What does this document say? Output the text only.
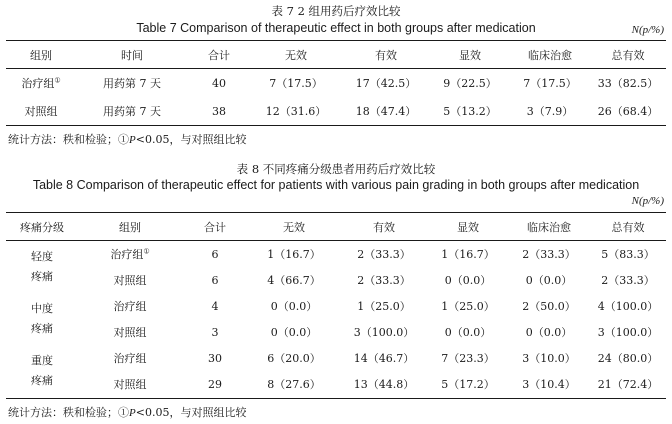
表 7 2 组用药后疗效比较
Table 7 Comparison of therapeutic effect in both groups after medication	N(p/%)
组别	时间	合计	无效	有效	显效	临床治愈	总有效
治疗组①	用药第 7 天	40	7（17.5）	17（42.5）	9（22.5）	7（17.5）	33（82.5）
对照组	用药第 7 天	38	12（31.6）	18（47.4）	5（13.2）	3（7.9）	26（68.4）
统计方法：秩和检验；①P<0.05，与对照组比较
表 8 不同疼痛分级患者用药后疗效比较
Table 8 Comparison of therapeutic effect for patients with various pain grading in both groups after medication
N(p/%)
疼痛分级	组别	合计	无效	有效	显效	临床治愈	总有效
轻度
疼痛	治疗组①	6	1（16.7）	2（33.3）	1（16.7）	2（33.3）	5（83.3）
	对照组	6	4（66.7）	2（33.3）	0（0.0）	0（0.0）	2（33.3）

中度
疼痛	治疗组	4	0（0.0）	1（25.0）	1（25.0）	2（50.0）	4（100.0）
	对照组	3	0（0.0）	3（100.0）	0（0.0）	0（0.0）	3（100.0）

重度
疼痛	治疗组	30	6（20.0）	14（46.7）	7（23.3）	3（10.0）	24（80.0）
	对照组	29	8（27.6）	13（44.8）	5（17.2）	3（10.4）	21（72.4）
统计方法：秩和检验；①P<0.05，与对照组比较
